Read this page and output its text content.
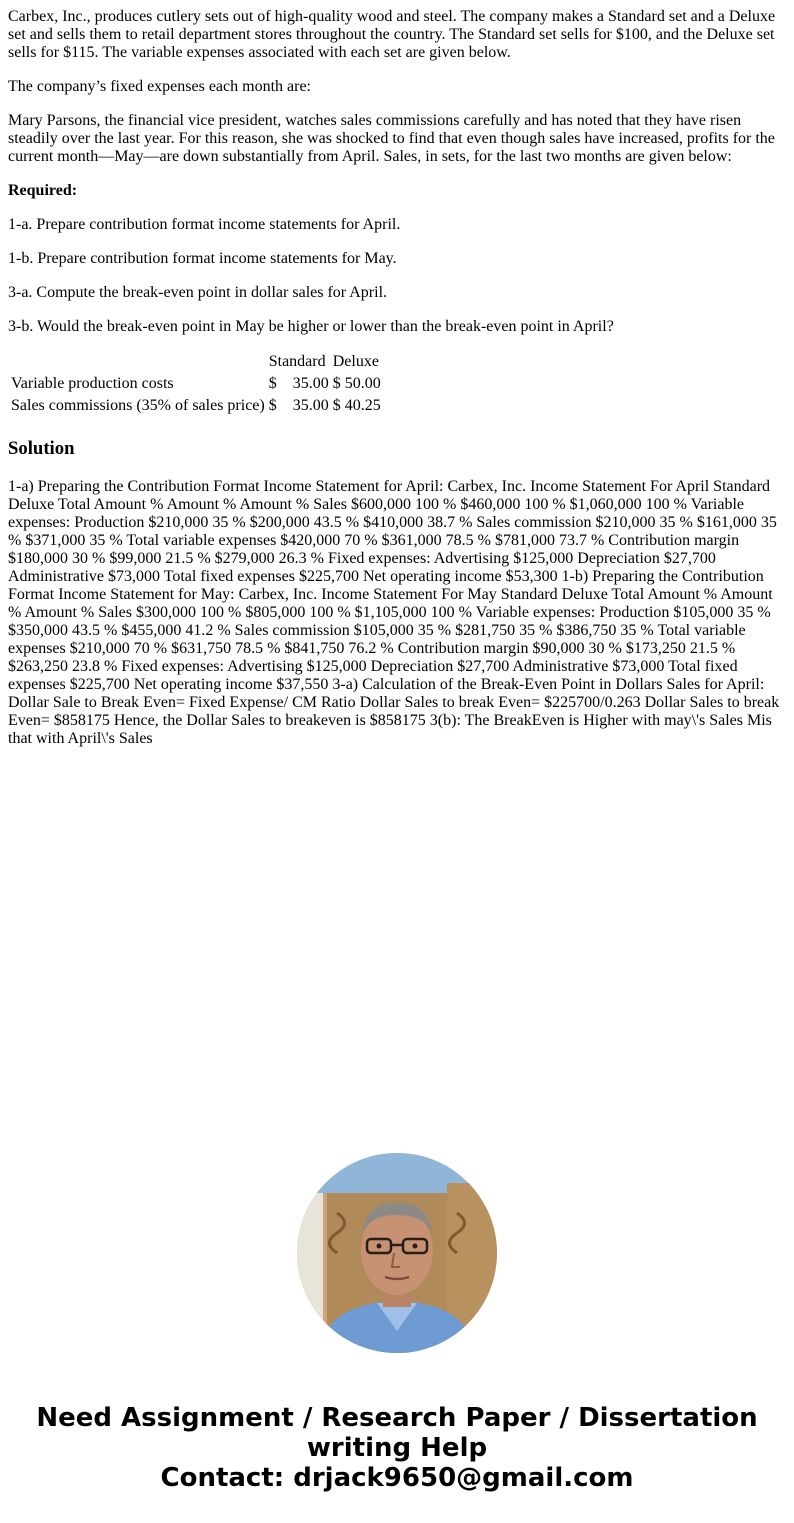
Carbex, Inc., produces cutlery sets out of high-quality wood and steel. The company makes a Standard set and a Deluxe set and sells them to retail department stores throughout the country. The Standard set sells for $100, and the Deluxe set sells for $115. The variable expenses associated with each set are given below.

The company’s fixed expenses each month are:

Mary Parsons, the financial vice president, watches sales commissions carefully and has noted that they have risen steadily over the last year. For this reason, she was shocked to find that even though sales have increased, profits for the current month—May—are down substantially from April. Sales, in sets, for the last two months are given below:

Required:

1-a. Prepare contribution format income statements for April.

1-b. Prepare contribution format income statements for May.

3-a. Compute the break-even point in dollar sales for April.

3-b. Would the break-even point in May be higher or lower than the break-even point in April?

	Standard		Deluxe	
Variable production costs	$	35.00	$	50.00
Sales commissions (35% of sales price)	$	35.00	$	40.25
Solution

1-a) Preparing the Contribution Format Income Statement for April: Carbex, Inc. Income Statement For April Standard Deluxe Total Amount % Amount % Amount % Sales $600,000 100 % $460,000 100 % $1,060,000 100 % Variable expenses: Production $210,000 35 % $200,000 43.5 % $410,000 38.7 % Sales commission $210,000 35 % $161,000 35 % $371,000 35 % Total variable expenses $420,000 70 % $361,000 78.5 % $781,000 73.7 % Contribution margin $180,000 30 % $99,000 21.5 % $279,000 26.3 % Fixed expenses: Advertising $125,000 Depreciation $27,700 Administrative $73,000 Total fixed expenses $225,700 Net operating income $53,300 1-b) Preparing the Contribution Format Income Statement for May: Carbex, Inc. Income Statement For May Standard Deluxe Total Amount % Amount % Amount % Sales $300,000 100 % $805,000 100 % $1,105,000 100 % Variable expenses: Production $105,000 35 % $350,000 43.5 % $455,000 41.2 % Sales commission $105,000 35 % $281,750 35 % $386,750 35 % Total variable expenses $210,000 70 % $631,750 78.5 % $841,750 76.2 % Contribution margin $90,000 30 % $173,250 21.5 % $263,250 23.8 % Fixed expenses: Advertising $125,000 Depreciation $27,700 Administrative $73,000 Total fixed expenses $225,700 Net operating income $37,550 3-a) Calculation of the Break-Even Point in Dollars Sales for April: Dollar Sale to Break Even= Fixed Expense/ CM Ratio Dollar Sales to break Even= $225700/0.263 Dollar Sales to break Even= $858175 Hence, the Dollar Sales to breakeven is $858175 3(b): The BreakEven is Higher with may\'s Sales Mis that with April\'s Sales

Need Assignment / Research Paper / Dissertation
writing Help
Contact: drjack9650@gmail.com
